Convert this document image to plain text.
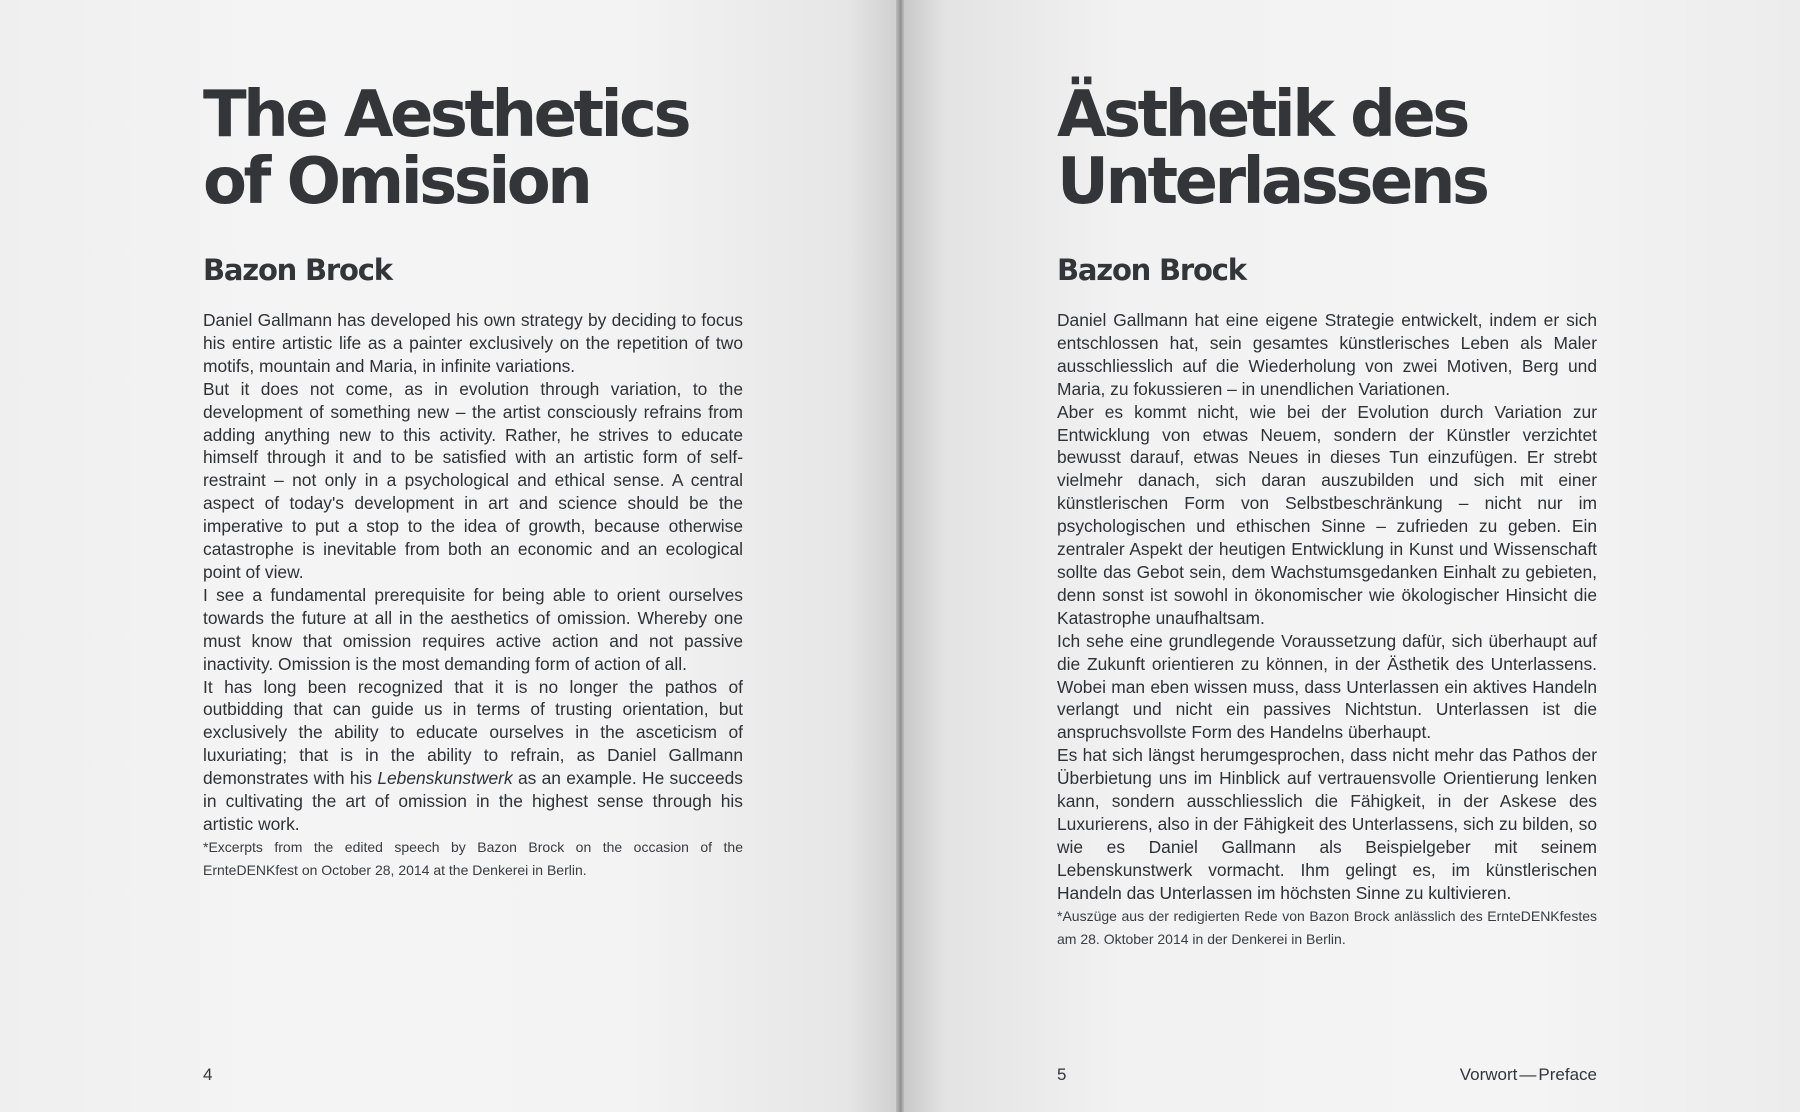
The Aesthetics
of Omission
Bazon Brock

Daniel Gallmann has developed his own strategy by deciding to focus his entire artistic life as a painter exclusively on the repetition of two motifs, mountain and Maria, in infinite variations.

But it does not come, as in evolution through variation, to the development of something new – the artist consciously refrains from adding anything new to this activity. Rather, he strives to educate himself through it and to be satisfied with an artistic form of self-restraint – not only in a psychological and ethical sense. A central aspect of today's development in art and science should be the imperative to put a stop to the idea of growth, because otherwise catastrophe is inevitable from both an economic and an ecological point of view.

I see a fundamental prerequisite for being able to orient ourselves towards the future at all in the aesthetics of omission. Whereby one must know that omission requires active action and not passive inactivity. Omission is the most demanding form of action of all.

It has long been recognized that it is no longer the pathos of outbidding that can guide us in terms of trusting orientation, but exclusively the ability to educate ourselves in the asceticism of luxuriating; that is in the ability to refrain, as Daniel Gallmann demonstrates with his Lebenskunstwerk as an example. He succeeds in cultivating the art of omission in the highest sense through his artistic work.

*Excerpts from the edited speech by Bazon Brock on the occasion of the ErnteDENKfest on October 28, 2014 at the Denkerei in Berlin.

4
Ästhetik des
Unterlassens
Bazon Brock

Daniel Gallmann hat eine eigene Strategie entwickelt, indem er sich entschlossen hat, sein gesamtes künstlerisches Leben als Maler ausschliesslich auf die Wiederholung von zwei Motiven, Berg und Maria, zu fokussieren – in unendlichen Variationen.

Aber es kommt nicht, wie bei der Evolution durch Variation zur Entwicklung von etwas Neuem, sondern der Künstler verzichtet bewusst darauf, etwas Neues in dieses Tun einzufügen. Er strebt vielmehr danach, sich daran auszubilden und sich mit einer künstlerischen Form von Selbstbeschränkung – nicht nur im psychologischen und ethischen Sinne – zufrieden zu geben. Ein zentraler Aspekt der heutigen Entwicklung in Kunst und Wissenschaft sollte das Gebot sein, dem Wachstumsgedanken Einhalt zu gebieten, denn sonst ist sowohl in ökonomischer wie ökologischer Hinsicht die Katastrophe unaufhaltsam.

Ich sehe eine grundlegende Voraussetzung dafür, sich überhaupt auf die Zukunft orientieren zu können, in der Ästhetik des Unterlassens. Wobei man eben wissen muss, dass Unterlassen ein aktives Handeln verlangt und nicht ein passives Nichtstun. Unterlassen ist die anspruchsvollste Form des Handelns überhaupt.

Es hat sich längst herumgesprochen, dass nicht mehr das Pathos der Überbietung uns im Hinblick auf vertrauensvolle Orientierung lenken kann, sondern ausschliesslich die Fähigkeit, in der Askese des Luxurierens, also in der Fähigkeit des Unterlassens, sich zu bilden, so wie es Daniel Gallmann als Beispielgeber mit seinem Lebenskunstwerk vormacht. Ihm gelingt es, im künstlerischen Handeln das Unterlassen im höchsten Sinne zu kultivieren.

*Auszüge aus der redigierten Rede von Bazon Brock anlässlich des ErnteDENKfestes am 28. Oktober 2014 in der Denkerei in Berlin.

5	Vorwort — Preface
